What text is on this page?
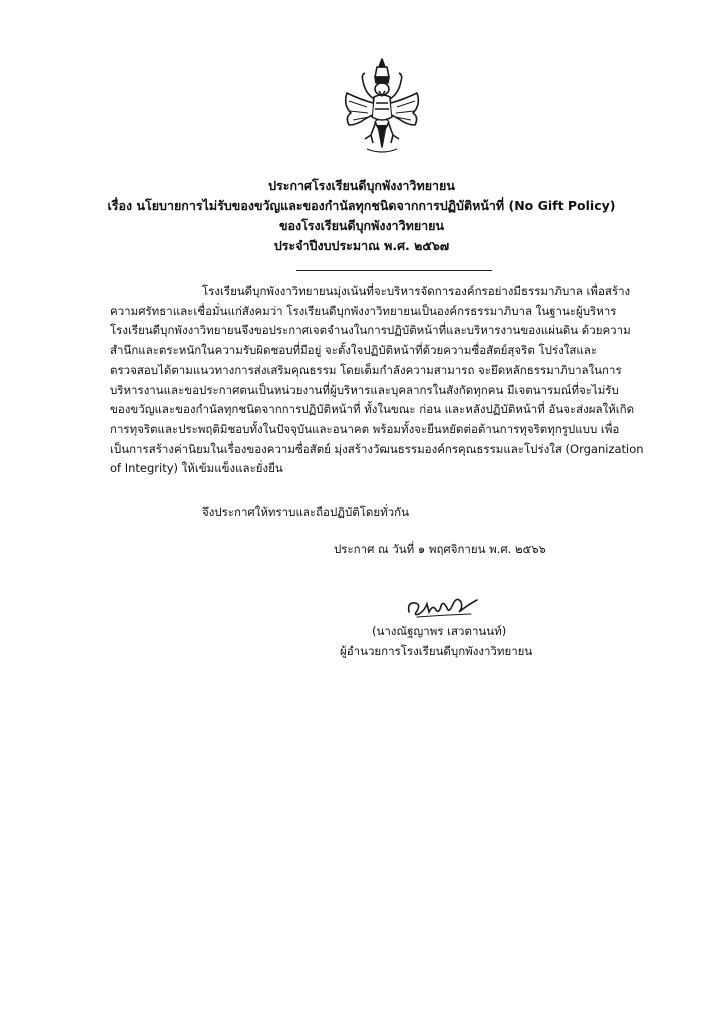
ประกาศโรงเรียนดีบุกพังงาวิทยายน
เรื่อง นโยบายการไม่รับของขวัญและของกำนัลทุกชนิดจากการปฏิบัติหน้าที่ (No Gift Policy)
ของโรงเรียนดีบุกพังงาวิทยายน
ประจำปีงบประมาณ พ.ศ. ๒๕๖๗
โรงเรียนดีบุกพังงาวิทยายนมุ่งเน้นที่จะบริหารจัดการองค์กรอย่างมีธรรมาภิบาล เพื่อสร้าง
ความศรัทธาและเชื่อมั่นแก่สังคมว่า โรงเรียนดีบุกพังงาวิทยายนเป็นองค์กรธรรมาภิบาล ในฐานะผู้บริหาร
โรงเรียนดีบุกพังงาวิทยายนจึงขอประกาศเจตจำนงในการปฏิบัติหน้าที่และบริหารงานของแผ่นดิน ด้วยความ
สำนึกและตระหนักในความรับผิดชอบที่มีอยู่ จะตั้งใจปฏิบัติหน้าที่ด้วยความซื่อสัตย์สุจริต โปร่งใสและ
ตรวจสอบได้ตามแนวทางการส่งเสริมคุณธรรม โดยเต็มกำลังความสามารถ จะยึดหลักธรรมาภิบาลในการ
บริหารงานและขอประกาศตนเป็นหน่วยงานที่ผู้บริหารและบุคลากรในสังกัดทุกคน มีเจตนารมณ์ที่จะไม่รับ
ของขวัญและของกำนัลทุกชนิดจากการปฏิบัติหน้าที่ ทั้งในขณะ ก่อน และหลังปฏิบัติหน้าที่ อันจะส่งผลให้เกิด
การทุจริตและประพฤติมิชอบทั้งในปัจจุบันและอนาคต พร้อมทั้งจะยืนหยัดต่อต้านการทุจริตทุกรูปแบบ เพื่อ
เป็นการสร้างค่านิยมในเรื่องของความซื่อสัตย์ มุ่งสร้างวัฒนธรรมองค์กรคุณธรรมและโปร่งใส (Organization
of Integrity) ให้เข้มแข็งและยั่งยืน
จึงประกาศให้ทราบและถือปฏิบัติโดยทั่วกัน
ประกาศ ณ วันที่ ๑ พฤศจิกายน พ.ศ. ๒๕๖๖
(นางณัฐญาพร เสวตานนท์)
ผู้อำนวยการโรงเรียนดีบุกพังงาวิทยายน
